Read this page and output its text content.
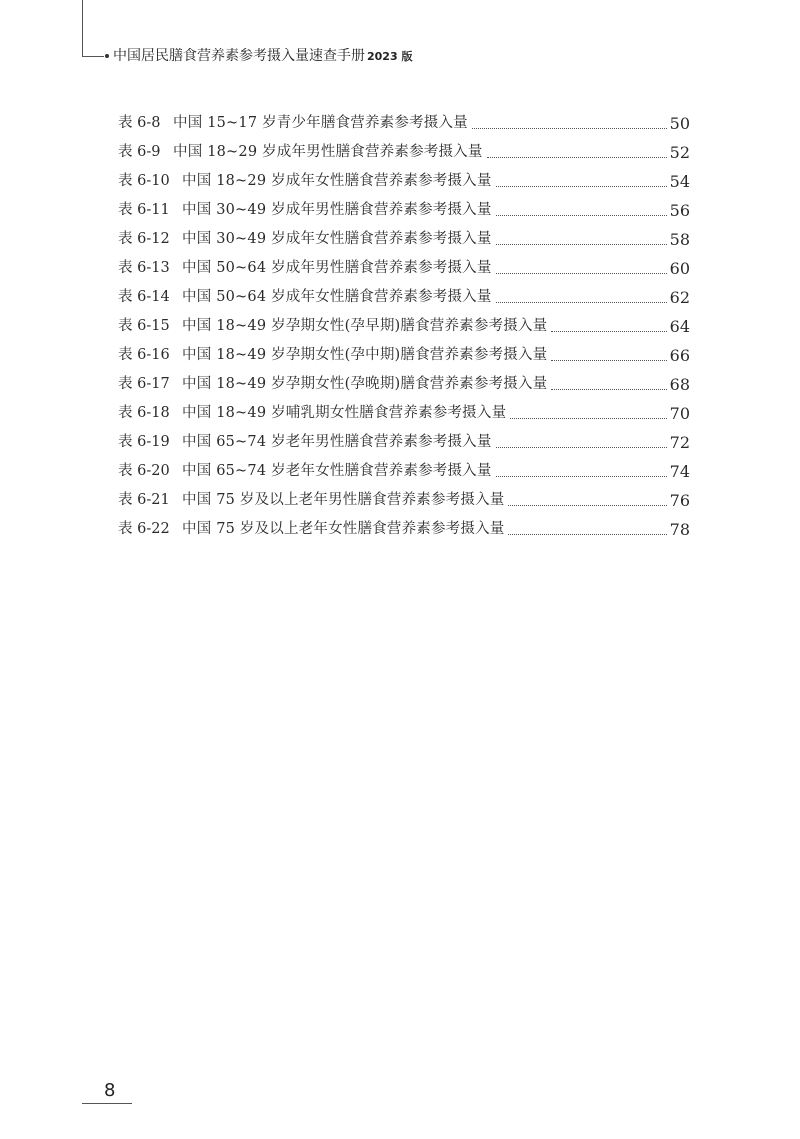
中国居民膳食营养素参考摄入量速查手册 2023 版
表 6-8 中国 15~17 岁青少年膳食营养素参考摄入量	50
表 6-9 中国 18~29 岁成年男性膳食营养素参考摄入量	52
表 6-10 中国 18~29 岁成年女性膳食营养素参考摄入量	54
表 6-11 中国 30~49 岁成年男性膳食营养素参考摄入量	56
表 6-12 中国 30~49 岁成年女性膳食营养素参考摄入量	58
表 6-13 中国 50~64 岁成年男性膳食营养素参考摄入量	60
表 6-14 中国 50~64 岁成年女性膳食营养素参考摄入量	62
表 6-15 中国 18~49 岁孕期女性(孕早期)膳食营养素参考摄入量	64
表 6-16 中国 18~49 岁孕期女性(孕中期)膳食营养素参考摄入量	66
表 6-17 中国 18~49 岁孕期女性(孕晚期)膳食营养素参考摄入量	68
表 6-18 中国 18~49 岁哺乳期女性膳食营养素参考摄入量	70
表 6-19 中国 65~74 岁老年男性膳食营养素参考摄入量	72
表 6-20 中国 65~74 岁老年女性膳食营养素参考摄入量	74
表 6-21 中国 75 岁及以上老年男性膳食营养素参考摄入量	76
表 6-22 中国 75 岁及以上老年女性膳食营养素参考摄入量	78
8
